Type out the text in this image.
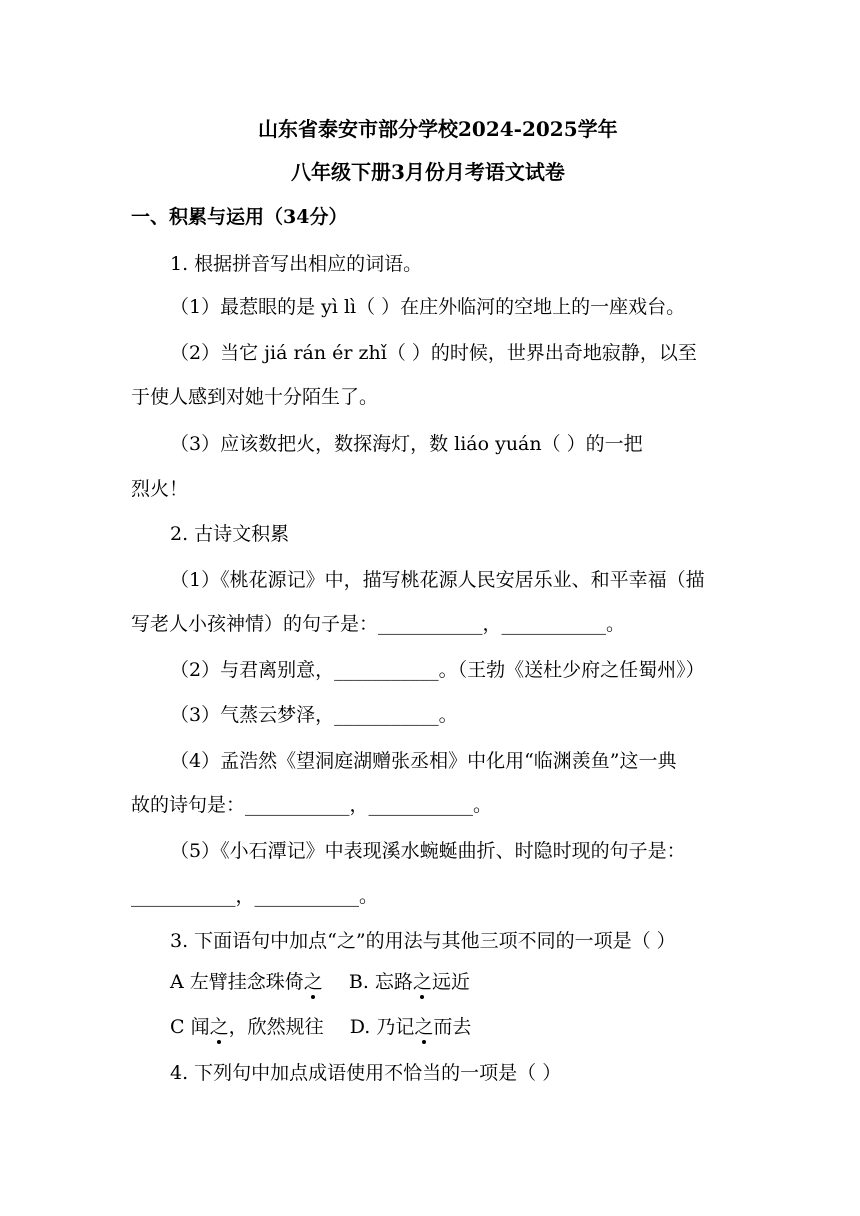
山东省泰安市部分学校2024-2025学年
八年级下册3月份月考语文试卷
一、积累与运用（34分）
1. 根据拼音写出相应的词语。
（1）最惹眼的是 yì lì（ ）在庄外临河的空地上的一座戏台。
（2）当它 jiá rán ér zhǐ（ ）的时候，世界出奇地寂静，以至
于使人感到对她十分陌生了。
（3）应该数把火，数探海灯，数 liáo yuán（ ）的一把
烈火！
2. 古诗文积累
（1）《桃花源记》中，描写桃花源人民安居乐业、和平幸福（描
写老人小孩神情）的句子是：___________，___________。
（2）与君离别意，___________。（王勃《送杜少府之任蜀州》）
（3）气蒸云梦泽，___________。
（4）孟浩然《望洞庭湖赠张丞相》中化用“临渊羡鱼”这一典
故的诗句是：___________，___________。
（5）《小石潭记》中表现溪水蜿蜒曲折、时隐时现的句子是：
___________，___________。
3. 下面语句中加点“之”的用法与其他三项不同的一项是（ ）
A 左臂挂念珠倚之 B. 忘路之远近
C 闻之，欣然规往 D. 乃记之而去
4. 下列句中加点成语使用不恰当的一项是（ ）
